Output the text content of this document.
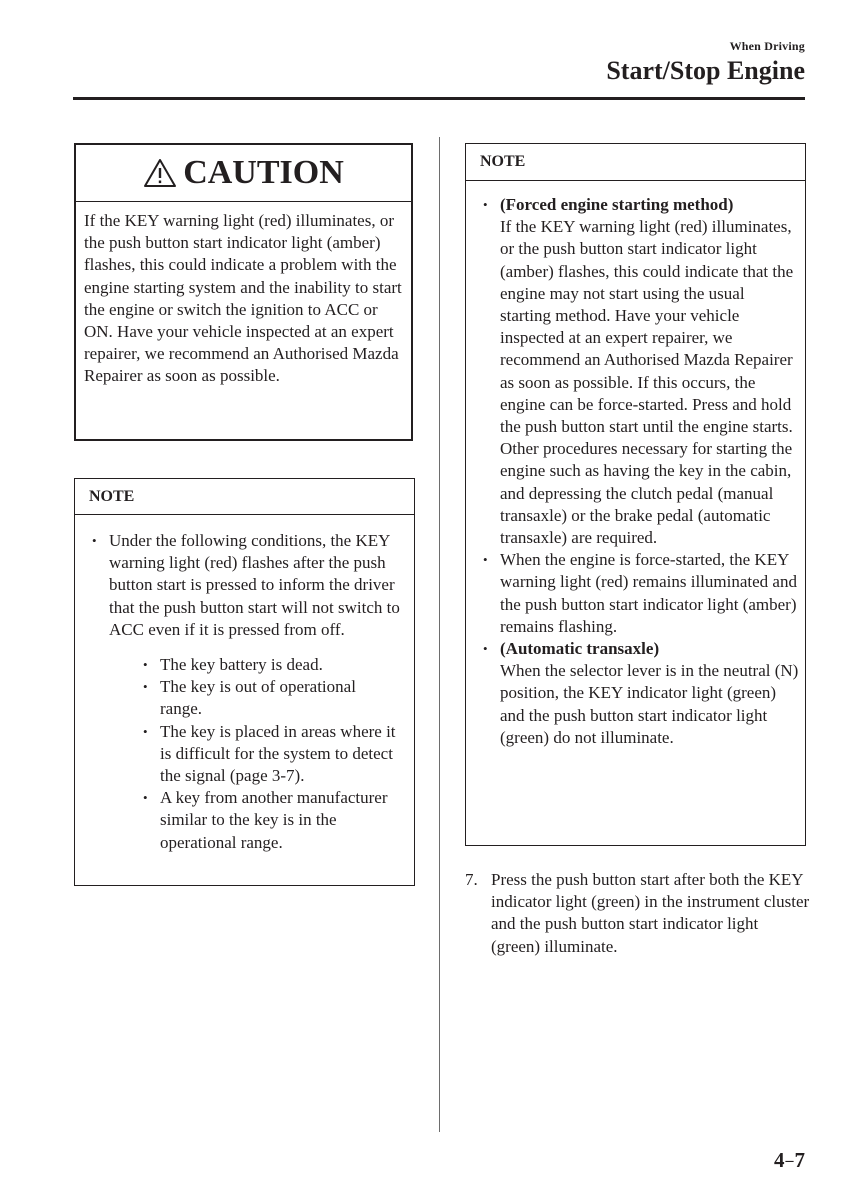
When Driving
Start/Stop Engine
CAUTION
If the KEY warning light (red) illuminates, or the push button start indicator light (amber) flashes, this could indicate a problem with the engine starting system and the inability to start the engine or switch the ignition to ACC or ON. Have your vehicle inspected at an expert repairer, we recommend an Authorised Mazda Repairer as soon as possible.
NOTE
• Under the following conditions, the KEY warning light (red) flashes after the push button start is pressed to inform the driver that the push button start will not switch to ACC even if it is pressed from off.
• The key battery is dead.
• The key is out of operational range.
• The key is placed in areas where it is difficult for the system to detect the signal (page 3-7).
• A key from another manufacturer similar to the key is in the operational range.
NOTE
• (Forced engine starting method)
If the KEY warning light (red) illuminates, or the push button start indicator light (amber) flashes, this could indicate that the engine may not start using the usual starting method. Have your vehicle inspected at an expert repairer, we recommend an Authorised Mazda Repairer as soon as possible. If this occurs, the engine can be force-started. Press and hold the push button start until the engine starts. Other procedures necessary for starting the engine such as having the key in the cabin, and depressing the clutch pedal (manual transaxle) or the brake pedal (automatic transaxle) are required.
• When the engine is force-started, the KEY warning light (red) remains illuminated and the push button start indicator light (amber) remains flashing.
• (Automatic transaxle)
When the selector lever is in the neutral (N) position, the KEY indicator light (green) and the push button start indicator light (green) do not illuminate.
7. Press the push button start after both the KEY indicator light (green) in the instrument cluster and the push button start indicator light (green) illuminate.
4–7
